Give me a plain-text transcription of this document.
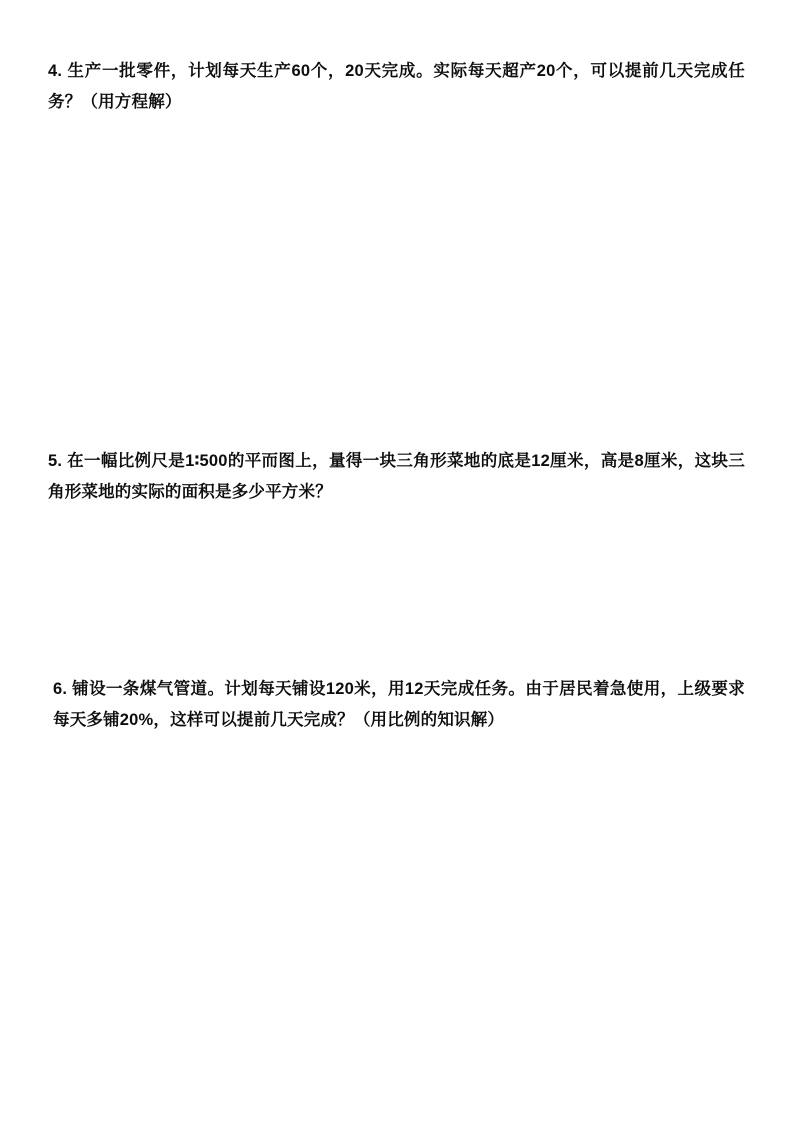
4. 生产一批零件，计划每天生产60个，20天完成。实际每天超产20个，可以提前几天完成任务？（用方程解）

5. 在一幅比例尺是1∶500的平而图上，量得一块三角形菜地的底是12厘米，高是8厘米，这块三角形菜地的实际的面积是多少平方米？

6. 铺设一条煤气管道。计划每天铺设120米，用12天完成任务。由于居民着急使用，上级要求每天多铺20%，这样可以提前几天完成？（用比例的知识解）
